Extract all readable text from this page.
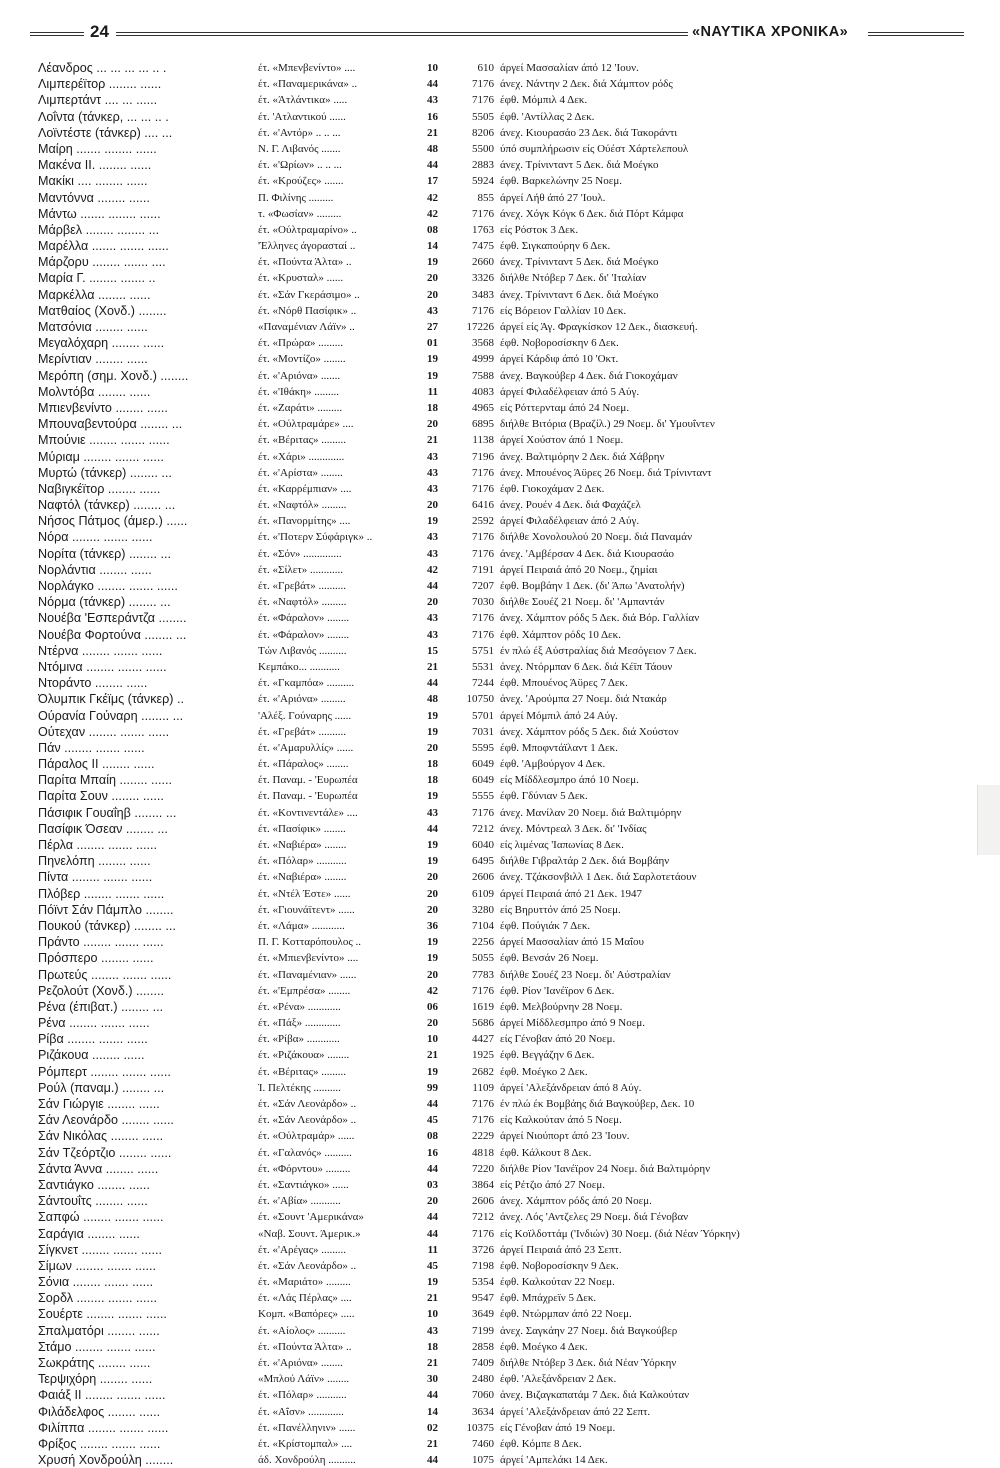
24	«ΝΑΥΤΙΚΑ ΧΡΟΝΙΚΑ»
Λέανδρος ... ... ... ... .. .	έτ. «Μπενβενίντο» ....	10	610 άργεί Μασσαλίαν άπό 12 'Ιουν.
Λιμπερέϊτορ ........ ......	έτ. «Παναμερικάνα» ..	44	7176 άνεχ. Νάντην 2 Δεκ. διά Χάμπτον ρόδς
Λιμπερτάντ .... ... ......	έτ. «Άτλάντικα» .....	43	7176 έφθ. Μόμπιλ 4 Δεκ.
Λοΐντα (τάνκερ, ... ... .. .	έτ. 'Ατλαντικού ......	16	5505 έφθ. 'Αντίλλας 2 Δεκ.
Λοϊντέστε (τάνκερ) .... ...	έτ. «'Αντόρ» .. .. ...	21	8206 άνεχ. Κιουρασάο 23 Δεκ. διά Τακοράντι
Μαίρη ....... ........ ......	Ν. Γ. Λιβανός .......	48	5500 ύπό συμπλήρωσιν είς Ούέστ Χάρτελεπουλ
Μακένα ΙΙ. ........ ......	έτ. «'Ωρίων» .. .. ...	44	2883 άνεχ. Τρίνινταντ 5 Δεκ. διά Μοέγκο
Μακίκι .... ........ ......	έτ. «Κρούζες» .......	17	5924 έφθ. Βαρκελώνην 25 Νοεμ.
Μαντόννα ........ ......	Π. Φιλίνης .........	42	855 άργεί Λήθ άπό 27 'Ιουλ.
Μάντω ....... ........ ......	τ. «Φωσίαν» .........	42	7176 άνεχ. Χόγκ Κόγκ 6 Δεκ. διά Πόρτ Κάμφα
Μάρβελ ........ ........ ...	έτ. «Ούλτραμαρίνο» ..	08	1763 είς Ρόστοκ 3 Δεκ.
Μαρέλλα ....... ....... ......	'Έλληνες άγορασταί ..	14	7475 έφθ. Σιγκαπούρην 6 Δεκ.
Μάρζορυ ........ ....... ....	έτ. «Πούντα Άλτα» ..	19	2660 άνεχ. Τρίνινταντ 5 Δεκ. διά Μοέγκο
Μαρία Γ. ........ ....... ..	έτ. «Κρυσταλ» ......	20	3326 διήλθε Ντόβερ 7 Δεκ. δι' 'Ιταλίαν
Μαρκέλλα ........ ......	έτ. «Σάν Γκεράσιμο» ..	20	3483 άνεχ. Τρίνινταντ 6 Δεκ. διά Μοέγκο
Ματθαίος (Χονδ.) ........	έτ. «Νόρθ Πασίφικ» ..	43	7176 είς Βόρειον Γαλλίαν 10 Δεκ.
Ματσόνια ........ ......	«Παναμένιαν Λάϊν» ..	27	17226 άργεί είς Άγ. Φραγκίσκον 12 Δεκ., διασκευή.
Μεγαλόχαρη ........ ......	έτ. «Πρώρα» .........	01	3568 έφθ. Νοβοροσίσκην 6 Δεκ.
Μερίντιαν ........ ......	έτ. «Μοντίζο» ........	19	4999 άργεί Κάρδιφ άπό 10 'Οκτ.
Μερόπη (σημ. Χονδ.) ........	έτ. «'Αριόνα» .......	19	7588 άνεχ. Βαγκούβερ 4 Δεκ. διά Γιοκοχάμαν
Μολντόβα ........ ......	έτ. «'Ιθάκη» .........	11	4083 άργεί Φιλαδέλφειαν άπό 5 Αύγ.
Μπιενβενίντο ........ ......	έτ. «Ζαράτι» .........	18	4965 είς Ρόττερνταμ άπό 24 Νοεμ.
Μπουναβεντούρα ........ ...	έτ. «Ούλτραμάρε» ....	20	6895 διήλθε Βιτόρια (Βραζίλ.) 29 Νοεμ. δι' Υμουΐντεν
Μπούνιε ........ ....... ......	έτ. «Βέριτας» .........	21	1138 άργεί Χούστον άπό 1 Νοεμ.
Μύριαμ ........ ....... ......	έτ. «Χάρι» .............	43	7196 άνεχ. Βαλτιμόρην 2 Δεκ. διά Χάβρην
Μυρτώ (τάνκερ) ........ ...	έτ. «'Αρίστα» ........	43	7176 άνεχ. Μπουένος Άϋρες 26 Νοεμ. διά Τρίνινταντ
Ναβιγκέϊτορ ........ ......	έτ. «Καρρέμπιαν» ....	43	7176 έφθ. Γιοκοχάμαν 2 Δεκ.
Ναφτόλ (τάνκερ) ........ ...	έτ. «Ναφτόλ» .........	20	6416 άνεχ. Ρουέν 4 Δεκ. διά Φαχάζελ
Νήσος Πάτμος (άμερ.) ......	έτ. «Πανορμίτης» ....	19	2592 άργεί Φιλαδέλφειαν άπό 2 Αύγ.
Νόρα ........ ....... ......	έτ. «'Ποτερν Σύφάριγκ» ..	43	7176 διήλθε Χονολουλού 20 Νοεμ. διά Παναμάν
Νορίτα (τάνκερ) ........ ...	έτ. «Σόν» ..............	43	7176 άνεχ. 'Αμβέρσαν 4 Δεκ. διά Κιουρασάο
Νορλάντια ........ ......	έτ. «Σίλετ» ............	42	7191 άργεί Πειραιά άπό 20 Νοεμ., ζημίαι
Νορλάγκο ........ ....... ......	έτ. «Γρεβάτ» ..........	44	7207 έφθ. Βομβάην 1 Δεκ. (δι' Άπω 'Ανατολήν)
Νόρμα (τάνκερ) ........ ...	έτ. «Ναφτόλ» .........	20	7030 διήλθε Σουέζ 21 Νοεμ. δι' 'Αμπαντάν
Νουέβα 'Εσπεράντζα ........	έτ. «Φάραλον» ........	43	7176 άνεχ. Χάμπτον ρόδς 5 Δεκ. διά Βόρ. Γαλλίαν
Νουέβα Φορτούνα ........ ...	έτ. «Φάραλον» ........	43	7176 έφθ. Χάμπτον ρόδς 10 Δεκ.
Ντέρνα ........ ....... ......	Τών Λιβανός ..........	15	5751 έν πλώ έξ Αύστραλίας διά Μεσόγειον 7 Δεκ.
Ντόμινα ........ ....... ......	Κεμπάκο... ...........	21	5531 άνεχ. Ντόρμπαν 6 Δεκ. διά Κέϊπ Τάουν
Ντοράντο ........ ......	έτ. «Γκαμπόα» ..........	44	7244 έφθ. Μπουένος Άϋρες 7 Δεκ.
Όλυμπικ Γκέϊμς (τάνκερ) ..	έτ. «'Αριόνα» .........	48	10750 άνεχ. 'Αρούμπα 27 Νοεμ. διά Ντακάρ
Ούρανία Γούναρη ........ ...	'Αλέξ. Γούναρης ......	19	5701 άργεί Μόμπιλ άπό 24 Αύγ.
Ούτεχαν ........ ....... ......	έτ. «Γρεβάτ» ..........	19	7031 άνεχ. Χάμπτον ρόδς 5 Δεκ. διά Χούστον
Πάν ........ ....... ......	έτ. «'Αμαρυλλίς» ......	20	5595 έφθ. Μποφντάϊλαντ 1 Δεκ.
Πάραλος ΙΙ ........ ......	έτ. «Πάραλος» ........	18	6049 έφθ. 'Αμβούργον 4 Δεκ.
Παρίτα Μπαίη ........ ......	έτ. Παναμ. - 'Ευρωπέα	18	6049 είς Μίδδλεσμπρο άπό 10 Νοεμ.
Παρίτα Σουν ........ ......	έτ. Παναμ. - 'Ευρωπέα	19	5555 έφθ. Γδύνιαν 5 Δεκ.
Πάσιφικ Γουαΐηβ ........ ...	έτ. «Κοντινεντάλε» ....	43	7176 άνεχ. Μανίλαν 20 Νοεμ. διά Βαλτιμόρην
Πασίφικ Όσεαν ........ ...	έτ. «Πασίφικ» ........	44	7212 άνεχ. Μόντρεαλ 3 Δεκ. δι' 'Ινδίας
Πέρλα ........ ....... ......	έτ. «Ναβιέρα» ........	19	6040 είς λιμένας 'Ιαπωνίας 8 Δεκ.
Πηνελόπη ........ ......	έτ. «Πόλαρ» ...........	19	6495 διήλθε Γιβραλτάρ 2 Δεκ. διά Βομβάην
Πίντα ........ ....... ......	έτ. «Ναβιέρα» ........	20	2606 άνεχ. Τζάκσονβιλλ 1 Δεκ. διά Σαρλοτετάουν
Πλόβερ ........ ....... ......	έτ. «Ντέλ Έστε» ......	20	6109 άργεί Πειραιά άπό 21 Δεκ. 1947
Πόϊντ Σάν Πάμπλο ........	έτ. «Γιουνάϊτεντ» ......	20	3280 είς Βηρυττόν άπό 25 Νοεμ.
Πουκού (τάνκερ) ........ ...	έτ. «Λάμα» ............	36	7104 έφθ. Πούγιάκ 7 Δεκ.
Πράντο ........ ....... ......	Π. Γ. Κοτταρόπουλος ..	19	2256 άργεί Μασσαλίαν άπό 15 Μαΐου
Πρόσπερο ........ ......	έτ. «Μπιενβενίντο» ....	19	5055 έφθ. Βενσάν 26 Νοεμ.
Πρωτεύς ........ ....... ......	έτ. «Παναμένιαν» ......	20	7783 διήλθε Σουέζ 23 Νοεμ. δι' Αύστραλίαν
Ρεζολούτ (Χονδ.) ........	έτ. «'Εμπρέσα» ........	42	7176 έφθ. Ρίον 'Ιανέϊρον 6 Δεκ.
Ρένα (έπιβατ.) ........ ...	έτ. «Ρένα» ............	06	1619 έφθ. Μελβούρνην 28 Νοεμ.
Ρένα ........ ....... ......	έτ. «Πάξ» .............	20	5686 άργεί Μίδδλεσμπρο άπό 9 Νοεμ.
Ρίβα ........ ....... ......	έτ. «Ρίβα» ............	10	4427 είς Γένοβαν άπό 20 Νοεμ.
Ριζάκουα ........ ......	έτ. «Ριζάκουα» ........	21	1925 έφθ. Βεγγάζην 6 Δεκ.
Ρόμπερτ ........ ....... ......	έτ. «Βέριτας» .........	19	2682 έφθ. Μοέγκο 2 Δεκ.
Ρούλ (παναμ.) ........ ...	Ί. Πελτέκης ..........	99	1109 άργεί 'Αλεξάνδρειαν άπό 8 Αύγ.
Σάν Γιώργιε ........ ......	έτ. «Σάν Λεονάρδο» ..	44	7176 έν πλώ έκ Βομβάης διά Βαγκούβερ, Δεκ. 10
Σάν Λεονάρδο ........ ......	έτ. «Σάν Λεονάρδο» ..	45	7176 είς Καλκούταν άπό 5 Νοεμ.
Σάν Νικόλας ........ ......	έτ. «Ούλτραμάρ» ......	08	2229 άργεί Νιούπορτ άπό 23 'Ιουν.
Σάν Τζεόρτζιο ........ ......	έτ. «Γαλανός» ..........	16	4818 έφθ. Κάλκουτ 8 Δεκ.
Σάντα Άννα ........ ......	έτ. «Φόρντου» .........	44	7220 διήλθε Ρίον 'Ιανέϊρον 24 Νοεμ. διά Βαλτιμόρην
Σαντιάγκο ........ ......	έτ. «Σαντιάγκο» ......	03	3864 είς Ρέτζιο άπό 27 Νοεμ.
Σάντουΐτς ........ ......	έτ. «'Αβία» ...........	20	2606 άνεχ. Χάμπτον ρόδς άπό 20 Νοεμ.
Σαπφώ ........ ....... ......	έτ. «Σουντ 'Αμερικάνα»	44	7212 άνεχ. Λός 'Αντζελες 29 Νοεμ. διά Γένοβαν
Σαράγια ........ ......	«Ναβ. Σουντ. Άμερικ.»	44	7176 είς Κοϊλδοττάμ ('Ινδιών) 30 Νοεμ. (διά Νέαν Ύόρκην)
Σίγκνετ ........ ....... ......	έτ. «'Αρέγας» .........	11	3726 άργεί Πειραιά άπό 23 Σεπτ.
Σίμων ........ ....... ......	έτ. «Σάν Λεονάρδο» ..	45	7198 έφθ. Νοβοροσίσκην 9 Δεκ.
Σόνια ........ ....... ......	έτ. «Μαριάτο» .........	19	5354 έφθ. Καλκούταν 22 Νοεμ.
Σορδλ ........ ....... ......	έτ. «Λάς Πέρλας» ....	21	9547 έφθ. Μπάχρεϊν 5 Δεκ.
Σουέρτε ........ ....... ......	Κομπ. «Βαπόρες» .....	10	3649 έφθ. Ντώρμπαν άπό 22 Νοεμ.
Σπαλματόρι ........ ......	έτ. «Αίολος» ..........	43	7199 άνεχ. Σαγκάην 27 Νοεμ. διά Βαγκούβερ
Στάμο ........ ....... ......	έτ. «Πούντα Άλτα» ..	18	2858 έφθ. Μοέγκο 4 Δεκ.
Σωκράτης ........ ......	έτ. «'Αριόνα» ........	21	7409 διήλθε Ντόβερ 3 Δεκ. διά Νέαν Ύόρκην
Τερψιχόρη ........ ......	«Μπλού Λάϊν» ........	30	2480 έφθ. 'Αλεξάνδρειαν 2 Δεκ.
Φαιάξ ΙΙ ........ ....... ......	έτ. «Πόλαρ» ...........	44	7060 άνεχ. Βιζαγκαπατάμ 7 Δεκ. διά Καλκούταν
Φιλάδελφος ........ ......	έτ. «Αΐσν» .............	14	3634 άργεί 'Αλεξάνδρειαν άπό 22 Σεπτ.
Φιλίππα ........ ....... ......	έτ. «Πανέλληνιν» ......	02	10375 είς Γένοβαν άπό 19 Νοεμ.
Φρίξος ........ ....... ......	έτ. «Κρίστομπαλ» ....	21	7460 έφθ. Κόμπε 8 Δεκ.
Χρυσή Χονδρούλη ........	άδ. Χονδρούλη ..........	44	1075 άργεί 'Αμπελάκι 14 Δεκ.
